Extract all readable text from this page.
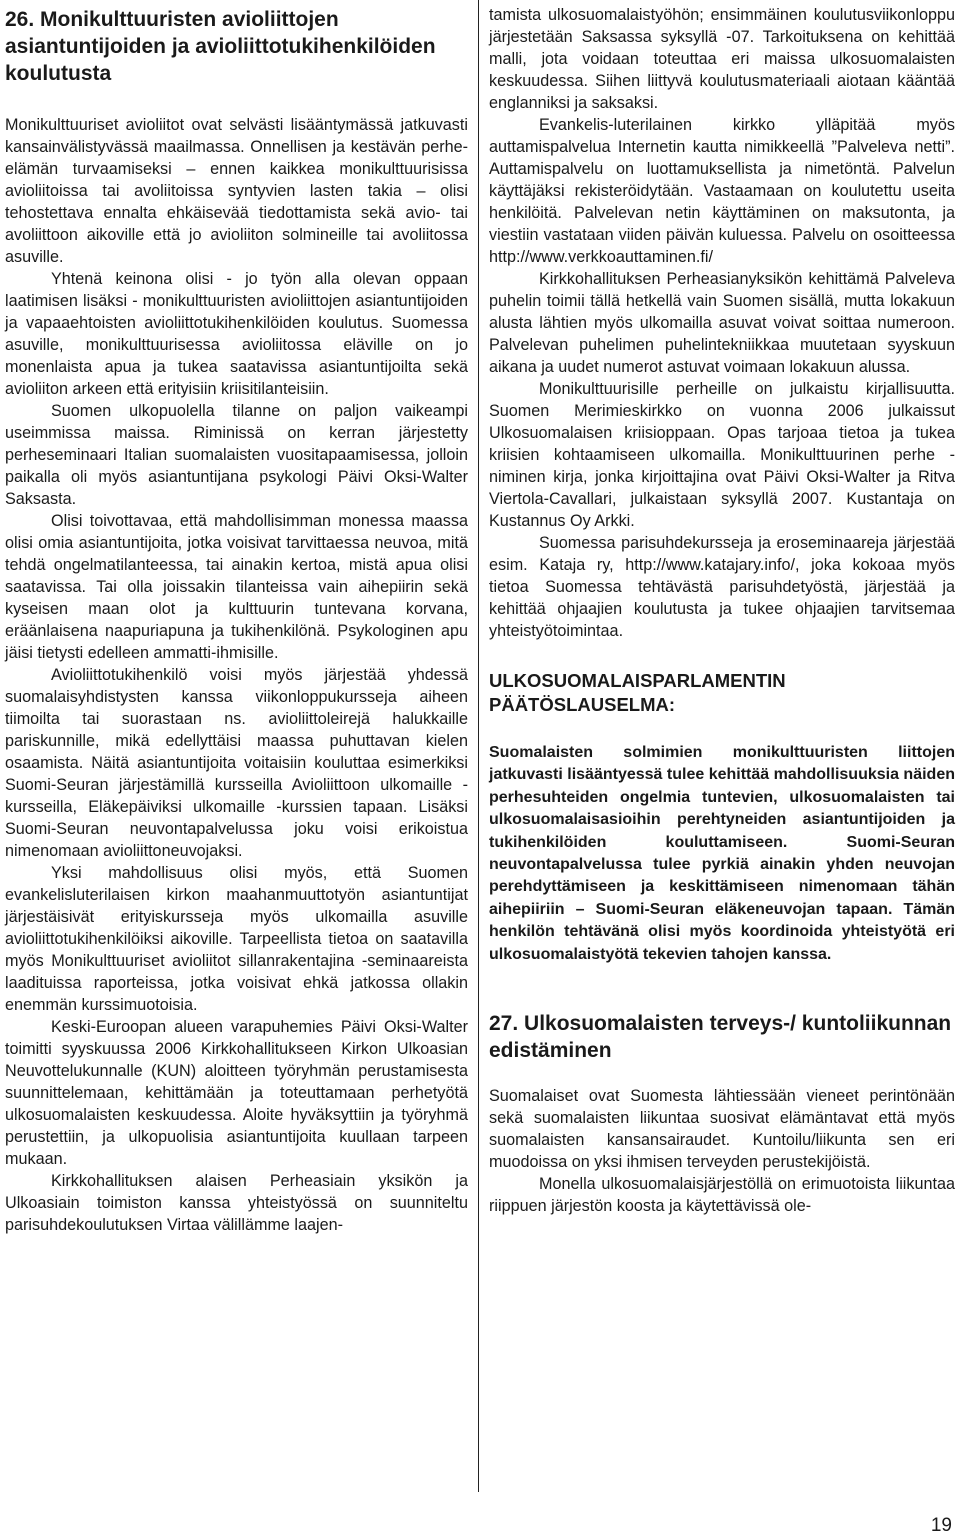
26. Monikulttuuristen avioliittojen asiantuntijoiden ja avioliittotukihenkilöiden koulutusta

Monikulttuuriset avioliitot ovat selvästi lisääntymässä jatkuvasti kansainvälistyvässä maailmassa. Onnellisen ja kestävän perhe-elämän turvaamiseksi – ennen kaikkea monikulttuurisissa avioliitoissa tai avoliitoissa syntyvien lasten takia – olisi tehostettava ennalta ehkäisevää tiedottamista sekä avio- tai avoliittoon aikoville että jo avioliiton solmineille tai avoliitossa asuville.

Yhtenä keinona olisi - jo työn alla olevan oppaan laatimisen lisäksi - monikulttuuristen avioliittojen asiantuntijoiden ja vapaaehtoisten avioliittotukihenkilöiden koulutus. Suomessa asuville, monikulttuurisessa avioliitossa eläville on jo monenlaista apua ja tukea saatavissa asiantuntijoilta sekä avioliiton arkeen että erityisiin kriisitilanteisiin.

Suomen ulkopuolella tilanne on paljon vaikeampi useimmissa maissa. Riminissä on kerran järjestetty perheseminaari Italian suomalaisten vuositapaamisessa, jolloin paikalla oli myös asiantuntijana psykologi Päivi Oksi-Walter Saksasta.

Olisi toivottavaa, että mahdollisimman monessa maassa olisi omia asiantuntijoita, jotka voisivat tarvittaessa neuvoa, mitä tehdä ongelmatilanteessa, tai ainakin kertoa, mistä apua olisi saatavissa. Tai olla joissakin tilanteissa vain aihepiirin sekä kyseisen maan olot ja kulttuurin tuntevana korvana, eräänlaisena naapuriapuna ja tukihenkilönä. Psykologinen apu jäisi tietysti edelleen ammatti-ihmisille.

Avioliittotukihenkilö voisi myös järjestää yhdessä suomalaisyhdistysten kanssa viikonloppukursseja aiheen tiimoilta tai suorastaan ns. avioliittoleirejä halukkaille pariskunnille, mikä edellyttäisi maassa puhuttavan kielen osaamista. Näitä asiantuntijoita voitaisiin kouluttaa esimerkiksi Suomi-Seuran järjestämillä kursseilla Avioliittoon ulkomaille -kursseilla, Eläkepäiviksi ulkomaille -kurssien tapaan. Lisäksi Suomi-Seuran neuvontapalvelussa joku voisi erikoistua nimenomaan avioliittoneuvojaksi.

Yksi mahdollisuus olisi myös, että Suomen evankelisluterilaisen kirkon maahanmuuttotyön asiantuntijat järjestäisivät erityiskursseja myös ulkomailla asuville avioliittotukihenkilöiksi aikoville. Tarpeellista tietoa on saatavilla myös Monikulttuuriset avioliitot sillanrakentajina -seminaareista laadituissa raporteissa, jotka voisivat ehkä jatkossa ollakin enemmän kurssimuotoisia.

Keski-Euroopan alueen varapuhemies Päivi Oksi-Walter toimitti syyskuussa 2006 Kirkkohallitukseen Kirkon Ulkoasian Neuvottelukunnalle (KUN) aloitteen työryhmän perustamisesta suunnittelemaan, kehittämään ja toteuttamaan perhetyötä ulkosuomalaisten keskuudessa. Aloite hyväksyttiin ja työryhmä perustettiin, ja ulkopuolisia asiantuntijoita kuullaan tarpeen mukaan.

Kirkkohallituksen alaisen Perheasiain yksikön ja Ulkoasiain toimiston kanssa yhteistyössä on suunniteltu parisuhdekoulutuksen Virtaa välillämme laajen-

tamista ulkosuomalaistyöhön; ensimmäinen koulutusviikonloppu järjestetään Saksassa syksyllä -07. Tarkoituksena on kehittää malli, jota voidaan toteuttaa eri maissa ulkosuomalaisten keskuudessa. Siihen liittyvä koulutusmateriaali aiotaan kääntää englanniksi ja saksaksi.

Evankelis-luterilainen kirkko ylläpitää myös auttamispalvelua Internetin kautta nimikkeellä ”Palveleva netti”. Auttamispalvelu on luottamuksellista ja nimetöntä. Palvelun käyttäjäksi rekisteröidytään. Vastaamaan on koulutettu useita henkilöitä. Palvelevan netin käyttäminen on maksutonta, ja viestiin vastataan viiden päivän kuluessa. Palvelu on osoitteessa http://www.verkkoauttaminen.fi/

Kirkkohallituksen Perheasianyksikön kehittämä Palveleva puhelin toimii tällä hetkellä vain Suomen sisällä, mutta lokakuun alusta lähtien myös ulkomailla asuvat voivat soittaa numeroon. Palvelevan puhelimen puhelintekniikkaa muutetaan syyskuun aikana ja uudet numerot astuvat voimaan lokakuun alussa.

Monikulttuurisille perheille on julkaistu kirjallisuutta. Suomen Merimieskirkko on vuonna 2006 julkaissut Ulkosuomalaisen kriisioppaan. Opas tarjoaa tietoa ja tukea kriisien kohtaamiseen ulkomailla. Monikulttuurinen perhe -niminen kirja, jonka kirjoittajina ovat Päivi Oksi-Walter ja Ritva Viertola-Cavallari, julkaistaan syksyllä 2007. Kustantaja on Kustannus Oy Arkki.

Suomessa parisuhdekursseja ja eroseminaareja järjestää esim. Kataja ry, http://www.katajary.info/, joka kokoaa myös tietoa Suomessa tehtävästä parisuhdetyöstä, järjestää ja kehittää ohjaajien koulutusta ja tukee ohjaajien tarvitsemaa yhteistyötoimintaa.

ULKOSUOMALAISPARLAMENTIN PÄÄTÖSLAUSELMA:
Suomalaisten solmimien monikulttuuristen liittojen jatkuvasti lisääntyessä tulee kehittää mahdollisuuksia näiden perhesuhteiden ongelmia tuntevien, ulkosuomalaisten tai ulkosuomalaisasioihin perehtyneiden asiantuntijoiden ja tukihenkilöiden kouluttamiseen. Suomi-Seuran neuvontapalvelussa tulee pyrkiä ainakin yhden neuvojan perehdyttämiseen ja keskittämiseen nimenomaan tähän aihepiiriin – Suomi-Seuran eläkeneuvojan tapaan. Tämän henkilön tehtävänä olisi myös koordinoida yhteistyötä eri ulkosuomalaistyötä tekevien tahojen kanssa.
27. Ulkosuomalaisten terveys-/ kuntoliikunnan edistäminen

Suomalaiset ovat Suomesta lähtiessään vieneet perintönään sekä suomalaisten liikuntaa suosivat elämäntavat että myös suomalaisten kansansairaudet. Kuntoilu/liikunta sen eri muodoissa on yksi ihmisen terveyden perustekijöistä.

Monella ulkosuomalaisjärjestöllä on erimuotoista liikuntaa riippuen järjestön koosta ja käytettävissä ole-

19
